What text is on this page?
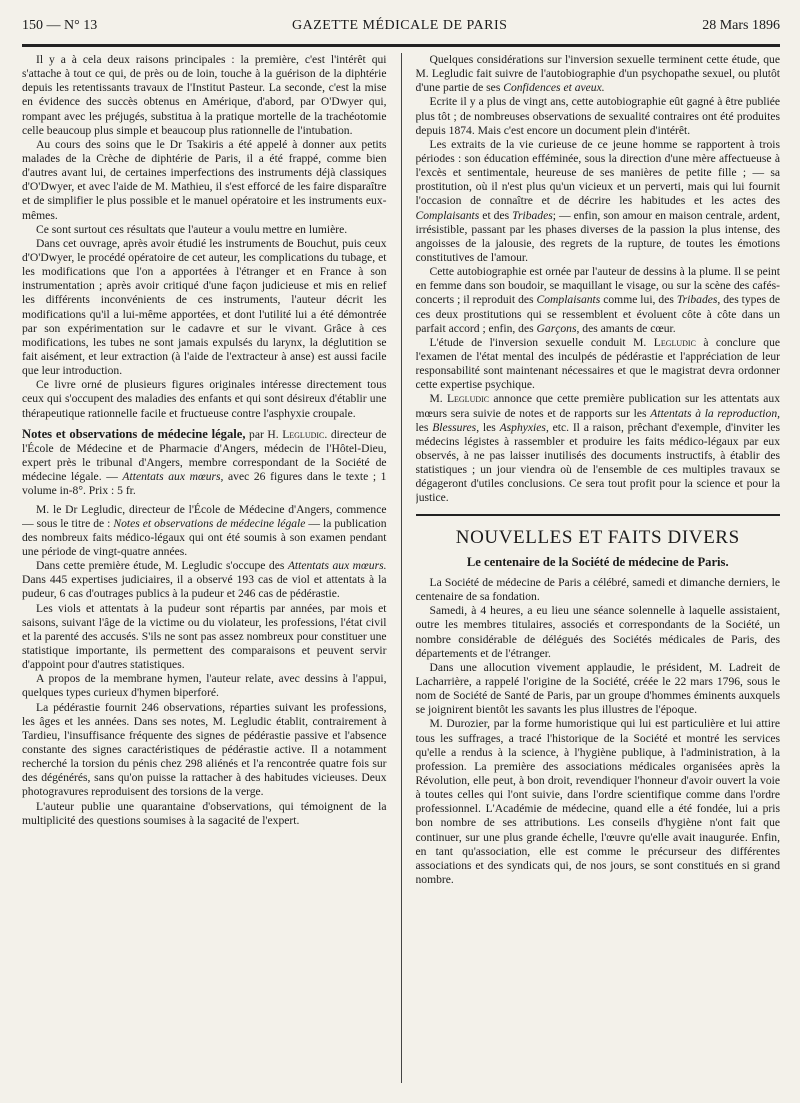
150 — N° 13	GAZETTE MÉDICALE DE PARIS	28 Mars 1896

Il y a à cela deux raisons principales : la première, c'est l'intérêt qui s'attache à tout ce qui, de près ou de loin, touche à la guérison de la diphtérie depuis les retentissants travaux de l'Institut Pasteur. La seconde, c'est la mise en évidence des succès obtenus en Amérique, d'abord, par O'Dwyer qui, rompant avec les préjugés, substitua à la pratique mortelle de la trachéotomie celle beaucoup plus simple et beaucoup plus rationnelle de l'intubation.

Au cours des soins que le Dr Tsakiris a été appelé à donner aux petits malades de la Crèche de diphtérie de Paris, il a été frappé, comme bien d'autres avant lui, de certaines imperfections des instruments déjà classiques d'O'Dwyer, et avec l'aide de M. Mathieu, il s'est efforcé de les faire disparaître et de simplifier le plus possible et le manuel opératoire et les instruments eux-mêmes.

Ce sont surtout ces résultats que l'auteur a voulu mettre en lumière.

Dans cet ouvrage, après avoir étudié les instruments de Bouchut, puis ceux d'O'Dwyer, le procédé opératoire de cet auteur, les complications du tubage, et les modifications que l'on a apportées à l'étranger et en France à son instrumentation ; après avoir critiqué d'une façon judicieuse et mis en relief les différents inconvénients de ces instruments, l'auteur décrit les modifications qu'il a lui-même apportées, et dont l'utilité lui a été démontrée par son expérimentation sur le cadavre et sur le vivant. Grâce à ces modifications, les tubes ne sont jamais expulsés du larynx, la déglutition se fait aisément, et leur extraction (à l'aide de l'extracteur à anse) est aussi facile que leur introduction.

Ce livre orné de plusieurs figures originales intéresse directement tous ceux qui s'occupent des maladies des enfants et qui sont désireux d'établir une thérapeutique rationnelle facile et fructueuse contre l'asphyxie croupale.

Notes et observations de médecine légale, par H. Legludic. directeur de l'École de Médecine et de Pharmacie d'Angers, médecin de l'Hôtel-Dieu, expert près le tribunal d'Angers, membre correspondant de la Société de médecine légale. — Attentats aux mœurs, avec 26 figures dans le texte ; 1 volume in-8°. Prix : 5 fr.

M. le Dr Legludic, directeur de l'École de Médecine d'Angers, commence — sous le titre de : Notes et observations de médecine légale — la publication des nombreux faits médico-légaux qui ont été soumis à son examen pendant une période de vingt-quatre années.

Dans cette première étude, M. Legludic s'occupe des Attentats aux mœurs. Dans 445 expertises judiciaires, il a observé 193 cas de viol et attentats à la pudeur, 6 cas d'outrages publics à la pudeur et 246 cas de pédérastie.

Les viols et attentats à la pudeur sont répartis par années, par mois et saisons, suivant l'âge de la victime ou du violateur, les professions, l'état civil et la parenté des accusés. S'ils ne sont pas assez nombreux pour constituer une statistique importante, ils permettent des comparaisons et peuvent servir d'appoint pour d'autres statistiques.

A propos de la membrane hymen, l'auteur relate, avec dessins à l'appui, quelques types curieux d'hymen biperforé.

La pédérastie fournit 246 observations, réparties suivant les professions, les âges et les années. Dans ses notes, M. Legludic établit, contrairement à Tardieu, l'insuffisance fréquente des signes de pédérastie passive et l'absence constante des signes caractéristiques de pédérastie active. Il a notamment recherché la torsion du pénis chez 298 aliénés et l'a rencontrée quatre fois sur des dégénérés, sans qu'on puisse la rattacher à des habitudes vicieuses. Deux photogravures reproduisent des torsions de la verge.

L'auteur publie une quarantaine d'observations, qui témoignent de la multiplicité des questions soumises à la sagacité de l'expert.

Quelques considérations sur l'inversion sexuelle terminent cette étude, que M. Legludic fait suivre de l'autobiographie d'un psychopathe sexuel, ou plutôt d'une partie de ses Confidences et aveux.

Ecrite il y a plus de vingt ans, cette autobiographie eût gagné à être publiée plus tôt ; de nombreuses observations de sexualité contraires ont été produites depuis 1874. Mais c'est encore un document plein d'intérêt.

Les extraits de la vie curieuse de ce jeune homme se rapportent à trois périodes : son éducation efféminée, sous la direction d'une mère affectueuse à l'excès et sentimentale, heureuse de ses manières de petite fille ; — sa prostitution, où il n'est plus qu'un vicieux et un perverti, mais qui lui fournit l'occasion de connaître et de décrire les habitudes et les actes des Complaisants et des Tribades; — enfin, son amour en maison centrale, ardent, irrésistible, passant par les phases diverses de la passion la plus intense, des angoisses de la jalousie, des regrets de la rupture, de toutes les émotions constitutives de l'amour.

Cette autobiographie est ornée par l'auteur de dessins à la plume. Il se peint en femme dans son boudoir, se maquillant le visage, ou sur la scène des cafés-concerts ; il reproduit des Complaisants comme lui, des Tribades, des types de ces deux prostitutions qui se ressemblent et évoluent côte à côte dans un parfait accord ; enfin, des Garçons, des amants de cœur.

L'étude de l'inversion sexuelle conduit M. Legludic à conclure que l'examen de l'état mental des inculpés de pédérastie et l'appréciation de leur responsabilité sont maintenant nécessaires et que le magistrat devra ordonner cette expertise psychique.

M. Legludic annonce que cette première publication sur les attentats aux mœurs sera suivie de notes et de rapports sur les Attentats à la reproduction, les Blessures, les Asphyxies, etc. Il a raison, prêchant d'exemple, d'inviter les médecins légistes à rassembler et produire les faits médico-légaux par eux observés, à ne pas laisser inutilisés des documents instructifs, à établir des statistiques ; un jour viendra où de l'ensemble de ces multiples travaux se dégageront d'utiles conclusions. Ce sera tout profit pour la science et pour la justice.

NOUVELLES ET FAITS DIVERS
Le centenaire de la Société de médecine de Paris.

La Société de médecine de Paris a célébré, samedi et dimanche derniers, le centenaire de sa fondation.

Samedi, à 4 heures, a eu lieu une séance solennelle à laquelle assistaient, outre les membres titulaires, associés et correspondants de la Société, un nombre considérable de délégués des Sociétés médicales de Paris, des départements et de l'étranger.

Dans une allocution vivement applaudie, le président, M. Ladreit de Lacharrière, a rappelé l'origine de la Société, créée le 22 mars 1796, sous le nom de Société de Santé de Paris, par un groupe d'hommes éminents auxquels se joignirent bientôt les savants les plus illustres de l'époque.

M. Durozier, par la forme humoristique qui lui est particulière et lui attire tous les suffrages, a tracé l'historique de la Société et montré les services qu'elle a rendus à la science, à l'hygiène publique, à l'administration, à la profession. La première des associations médicales organisées après la Révolution, elle peut, à bon droit, revendiquer l'honneur d'avoir ouvert la voie à toutes celles qui l'ont suivie, dans l'ordre scientifique comme dans l'ordre professionnel. L'Académie de médecine, quand elle a été fondée, lui a pris bon nombre de ses attributions. Les conseils d'hygiène n'ont fait que continuer, sur une plus grande échelle, l'œuvre qu'elle avait inaugurée. Enfin, en tant qu'association, elle est comme le précurseur des différentes associations et des syndicats qui, de nos jours, se sont constitués en si grand nombre.
